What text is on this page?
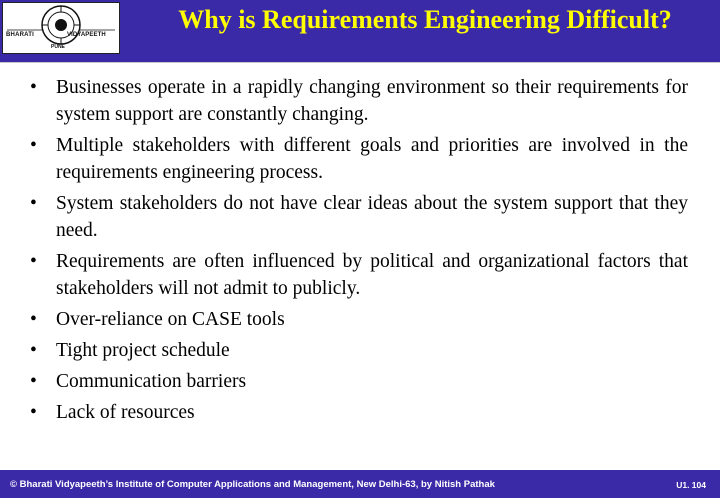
BHARATI	VIDYAPEETH
PUNE
Why is Requirements Engineering Difficult?
• Businesses operate in a rapidly changing environment so their requirements for system support are constantly changing.
• Multiple stakeholders with different goals and priorities are involved in the requirements engineering process.
• System stakeholders do not have clear ideas about the system support that they need.
• Requirements are often influenced by political and organizational factors that stakeholders will not admit to publicly.
• Over-reliance on CASE tools
• Tight project schedule
• Communication barriers
• Lack of resources
© Bharati Vidyapeeth’s Institute of Computer Applications and Management, New Delhi-63, by Nitish Pathak	U1. 104
